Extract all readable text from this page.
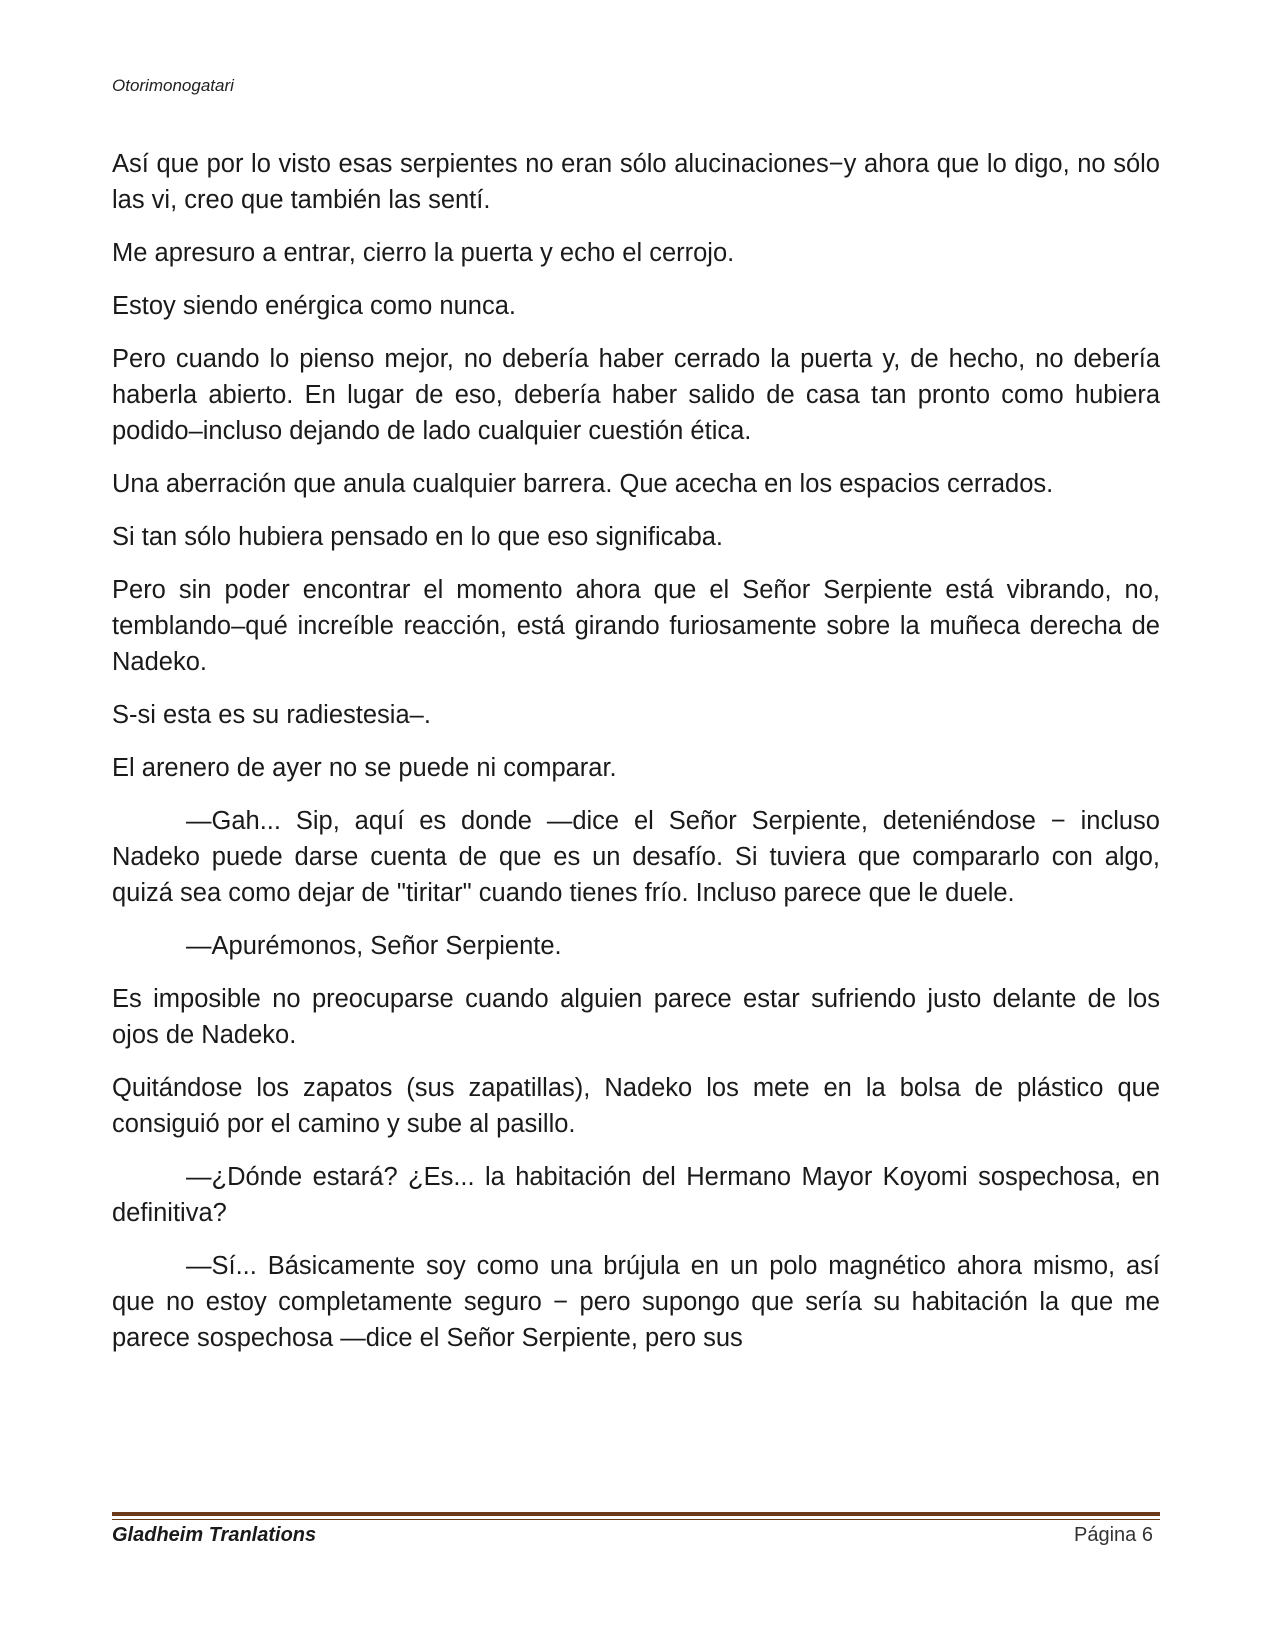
Otorimonogatari

Así que por lo visto esas serpientes no eran sólo alucinaciones−y ahora que lo digo, no sólo las vi, creo que también las sentí.

Me apresuro a entrar, cierro la puerta y echo el cerrojo.

Estoy siendo enérgica como nunca.

Pero cuando lo pienso mejor, no debería haber cerrado la puerta y, de hecho, no debería haberla abierto. En lugar de eso, debería haber salido de casa tan pronto como hubiera podido–incluso dejando de lado cualquier cuestión ética.

Una aberración que anula cualquier barrera. Que acecha en los espacios cerrados.

Si tan sólo hubiera pensado en lo que eso significaba.

Pero sin poder encontrar el momento ahora que el Señor Serpiente está vibrando, no, temblando–qué increíble reacción, está girando furiosamente sobre la muñeca derecha de Nadeko.

S-si esta es su radiestesia–.

El arenero de ayer no se puede ni comparar.

—Gah... Sip, aquí es donde —dice el Señor Serpiente, deteniéndose − incluso Nadeko puede darse cuenta de que es un desafío. Si tuviera que compararlo con algo, quizá sea como dejar de "tiritar" cuando tienes frío. Incluso parece que le duele.

—Apurémonos, Señor Serpiente.

Es imposible no preocuparse cuando alguien parece estar sufriendo justo delante de los ojos de Nadeko.

Quitándose los zapatos (sus zapatillas), Nadeko los mete en la bolsa de plástico que consiguió por el camino y sube al pasillo.

—¿Dónde estará? ¿Es... la habitación del Hermano Mayor Koyomi sospechosa, en definitiva?

—Sí... Básicamente soy como una brújula en un polo magnético ahora mismo, así que no estoy completamente seguro − pero supongo que sería su habitación la que me parece sospechosa —dice el Señor Serpiente, pero sus

Gladheim Tranlations	Página 6
